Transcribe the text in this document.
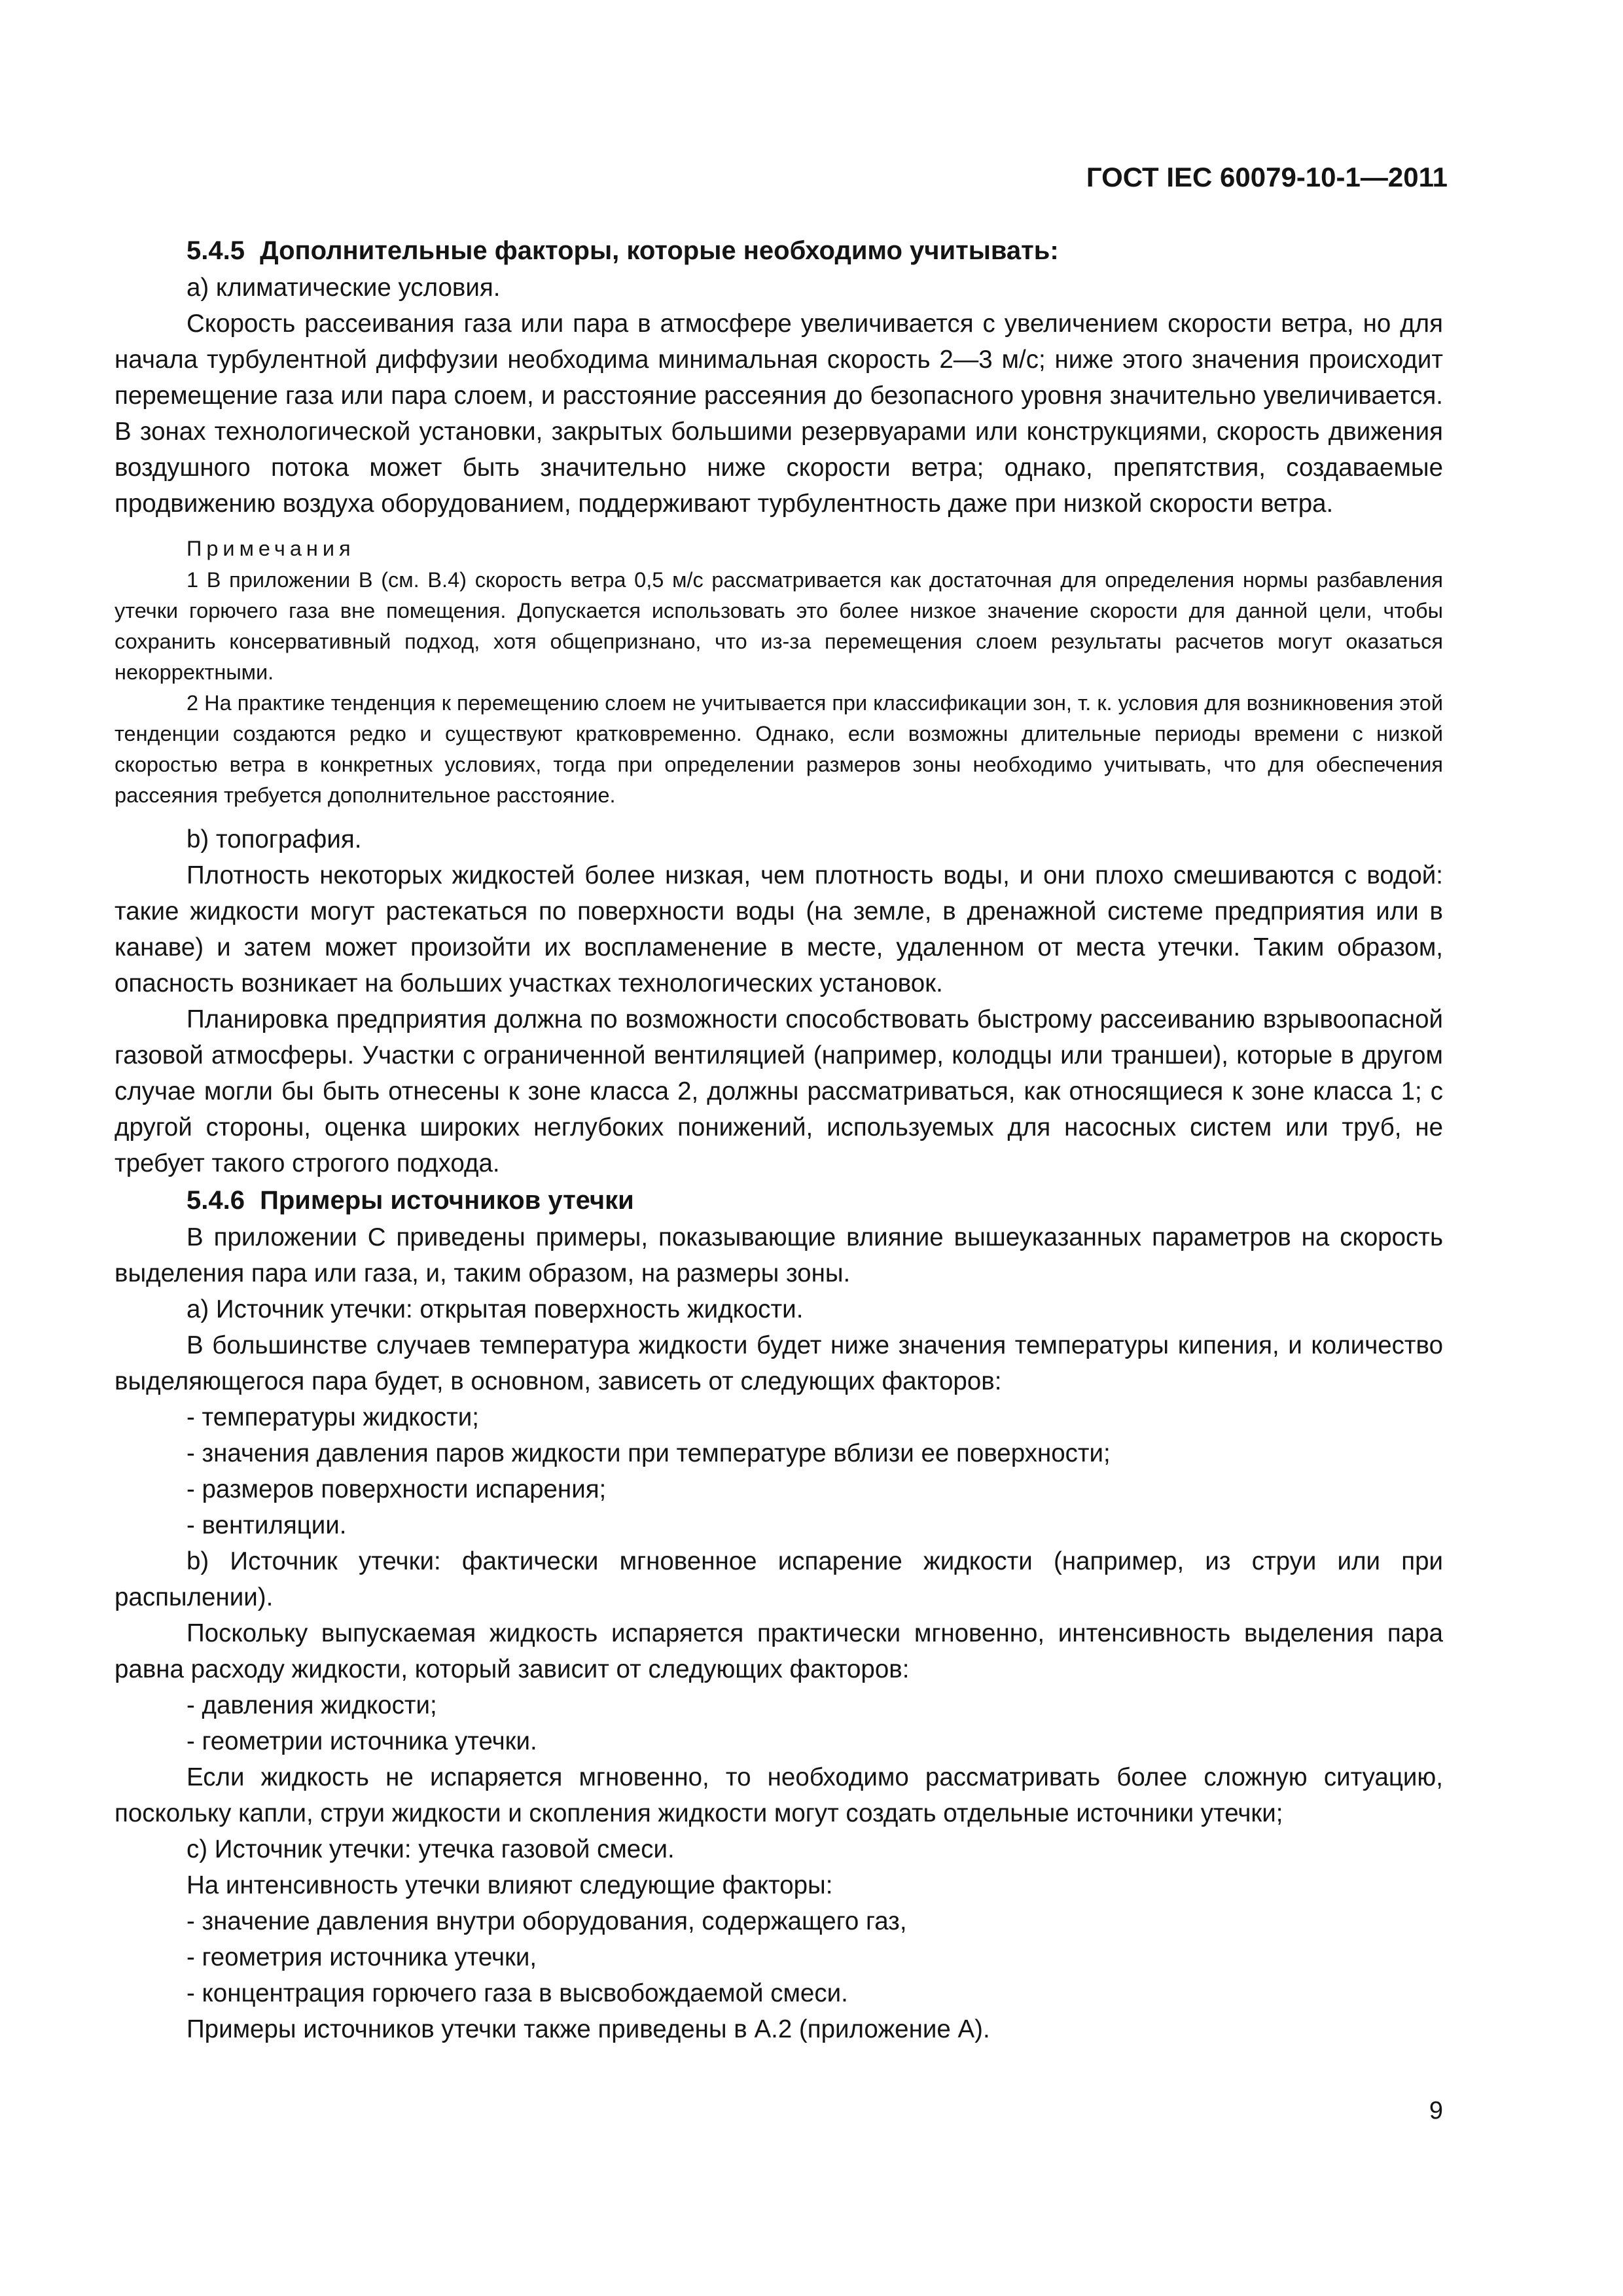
ГОСТ IEC 60079-10-1—2011

5.4.5 Дополнительные факторы, которые необходимо учитывать:

a) климатические условия.

Скорость рассеивания газа или пара в атмосфере увеличивается с увеличением скорости ветра, но для начала турбулентной диффузии необходима минимальная скорость 2—3 м/с; ниже этого значения происходит перемещение газа или пара слоем, и расстояние рассеяния до безопасного уровня значительно увеличивается. В зонах технологической установки, закрытых большими резервуарами или конструкциями, скорость движения воздушного потока может быть значительно ниже скорости ветра; однако, препятствия, создаваемые продвижению воздуха оборудованием, поддерживают турбулентность даже при низкой скорости ветра.

Примечания

1 В приложении В (см. В.4) скорость ветра 0,5 м/с рассматривается как достаточная для определения нормы разбавления утечки горючего газа вне помещения. Допускается использовать это более низкое значение скорости для данной цели, чтобы сохранить консервативный подход, хотя общепризнано, что из-за перемещения слоем результаты расчетов могут оказаться некорректными.

2 На практике тенденция к перемещению слоем не учитывается при классификации зон, т. к. условия для возникновения этой тенденции создаются редко и существуют кратковременно. Однако, если возможны длительные периоды времени с низкой скоростью ветра в конкретных условиях, тогда при определении размеров зоны необходимо учитывать, что для обеспечения рассеяния требуется дополнительное расстояние.

b) топография.

Плотность некоторых жидкостей более низкая, чем плотность воды, и они плохо смешиваются с водой: такие жидкости могут растекаться по поверхности воды (на земле, в дренажной системе предприятия или в канаве) и затем может произойти их воспламенение в месте, удаленном от места утечки. Таким образом, опасность возникает на больших участках технологических установок.

Планировка предприятия должна по возможности способствовать быстрому рассеиванию взрывоопасной газовой атмосферы. Участки с ограниченной вентиляцией (например, колодцы или траншеи), которые в другом случае могли бы быть отнесены к зоне класса 2, должны рассматриваться, как относящиеся к зоне класса 1; с другой стороны, оценка широких неглубоких понижений, используемых для насосных систем или труб, не требует такого строгого подхода.

5.4.6 Примеры источников утечки

В приложении С приведены примеры, показывающие влияние вышеуказанных параметров на скорость выделения пара или газа, и, таким образом, на размеры зоны.

a) Источник утечки: открытая поверхность жидкости.

В большинстве случаев температура жидкости будет ниже значения температуры кипения, и количество выделяющегося пара будет, в основном, зависеть от следующих факторов:

- температуры жидкости;

- значения давления паров жидкости при температуре вблизи ее поверхности;

- размеров поверхности испарения;

- вентиляции.

b) Источник утечки: фактически мгновенное испарение жидкости (например, из струи или при распылении).

Поскольку выпускаемая жидкость испаряется практически мгновенно, интенсивность выделения пара равна расходу жидкости, который зависит от следующих факторов:

- давления жидкости;

- геометрии источника утечки.

Если жидкость не испаряется мгновенно, то необходимо рассматривать более сложную ситуацию, поскольку капли, струи жидкости и скопления жидкости могут создать отдельные источники утечки;

c) Источник утечки: утечка газовой смеси.

На интенсивность утечки влияют следующие факторы:

- значение давления внутри оборудования, содержащего газ,

- геометрия источника утечки,

- концентрация горючего газа в высвобождаемой смеси.

Примеры источников утечки также приведены в А.2 (приложение А).

9
